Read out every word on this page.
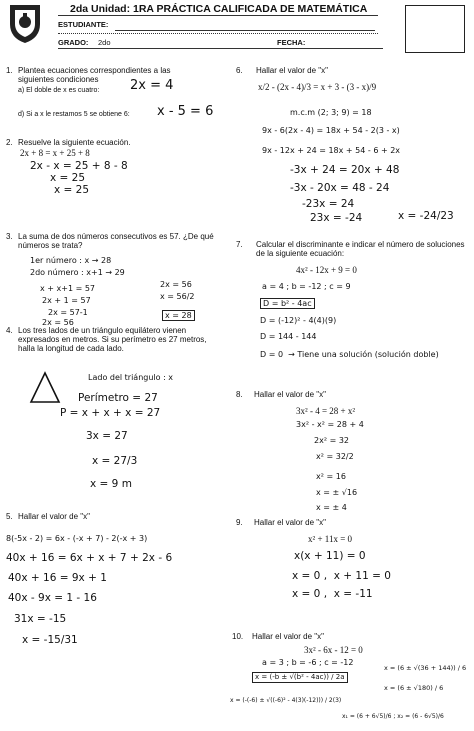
2da Unidad: 1RA PRÁCTICA CALIFICADA DE MATEMÁTICA
ESTUDIANTE:
GRADO: 2do	FECHA:
1. Plantea ecuaciones correspondientes a las siguientes condiciones
a) El doble de x es cuatro: 2x = 4
d) Si a x le restamos 5 se obtiene 6: x - 5 = 6
2. Resuelve la siguiente ecuación.
2x + 8 = x + 25 + 8
2x - x = 25 + 8 - 8
x = 25
x = 25
3. La suma de dos números consecutivos es 57. ¿De qué números se trata?
1er número : x → 28
2do número : x+1 → 29
x + x+1 = 57
2x + 1 = 57
2x = 57-1
2x = 56
2x = 56
x = 56/2
x = 28
4. Los tres lados de un triángulo equilátero vienen expresados en metros. Si su perímetro es 27 metros, halla la longitud de cada lado.
Lado del triángulo : x
Perímetro = 27
P = x + x + x = 27
3x = 27
x = 27/3
x = 9 m
5. Hallar el valor de "x"
8(-5x - 2) = 6x - (-x + 7) - 2(-x + 3)
40x + 16 = 6x + x + 7 + 2x - 6
40x + 16 = 9x + 1
40x - 9x = 1 - 16
31x = -15
x = -15/31
6. Hallar el valor de "x"
x/2 - (2x - 4)/3 = x + 3 - (3 - x)/9
m.c.m (2; 3; 9) = 18
9x - 6(2x - 4) = 18x + 54 - 2(3 - x)
9x - 12x + 24 = 18x + 54 - 6 + 2x
-3x + 24 = 20x + 48
-3x - 20x = 48 - 24
-23x = 24
23x = -24	x = -24/23
7. Calcular el discriminante e indicar el número de soluciones de la siguiente ecuación:
4x² - 12x + 9 = 0
a = 4 ; b = -12 ; c = 9
D = b² - 4ac
D = (-12)² - 4(4)(9)
D = 144 - 144
D = 0  → Tiene una solución (solución doble)
8. Hallar el valor de "x"
3x² - 4 = 28 + x²
3x² - x² = 28 + 4
2x² = 32
x² = 32/2
x² = 16
x = ± √16
x = ± 4
9. Hallar el valor de "x"
x² + 11x = 0
x(x + 11) = 0
x = 0 ,  x + 11 = 0
x = 0 ,  x = -11
10. Hallar el valor de "x"
3x² - 6x - 12 = 0
a = 3 ; b = -6 ; c = -12
x = (-b ± √(b² - 4ac)) / 2a
x = (-(-6) ± √((-6)² - 4(3)(-12))) / 2(3)
x = (6 ± √(36 + 144)) / 6
x = (6 ± √180) / 6
x₁ = (6 + 6√5)/6 ; x₂ = (6 - 6√5)/6
